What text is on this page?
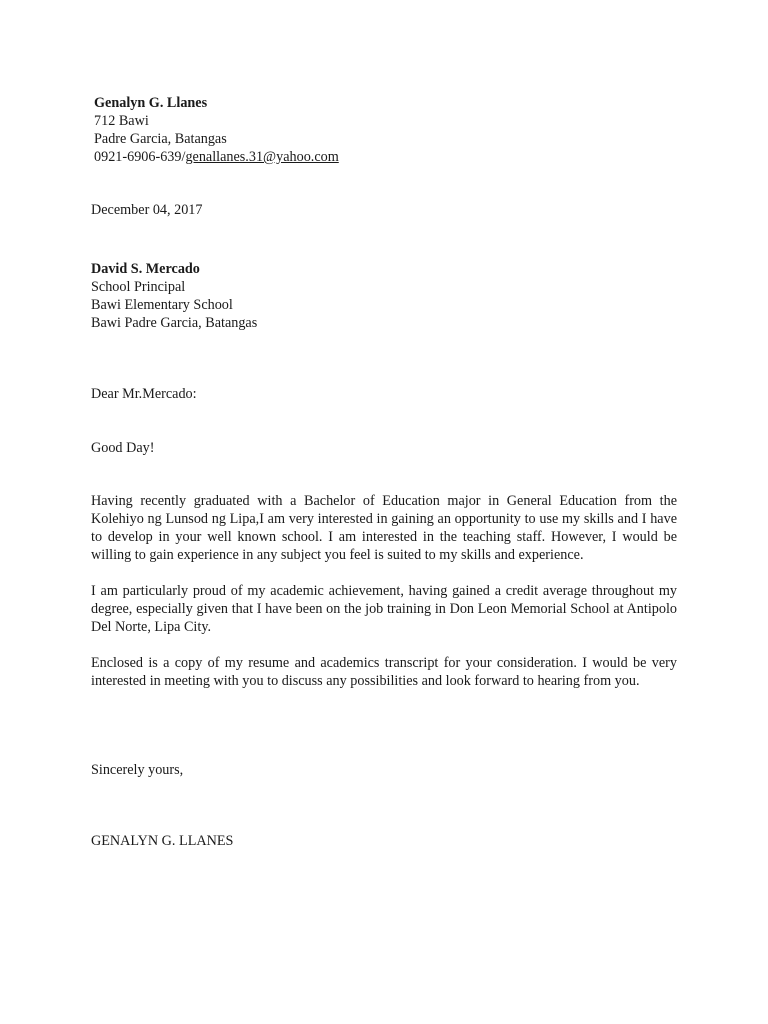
Genalyn G. Llanes
712 Bawi
Padre Garcia, Batangas
0921-6906-639/genallanes.31@yahoo.com
December 04, 2017
David S. Mercado
School Principal
Bawi Elementary School
Bawi Padre Garcia, Batangas
Dear Mr.Mercado:
Good Day!
Having recently graduated with a Bachelor of Education major in General Education from the Kolehiyo ng Lunsod ng Lipa,I am very interested in gaining an opportunity to use my skills and I have to develop in your well known school. I am interested in the teaching staff. However, I would be willing to gain experience in any subject you feel is suited to my skills and experience.
I am particularly proud of my academic achievement, having gained a credit average throughout my degree, especially given that I have been on the job training in Don Leon Memorial School at Antipolo Del Norte, Lipa City.
Enclosed is a copy of my resume and academics transcript for your consideration. I would be very interested in meeting with you to discuss any possibilities and look forward to hearing from you.
Sincerely yours,
GENALYN G. LLANES
